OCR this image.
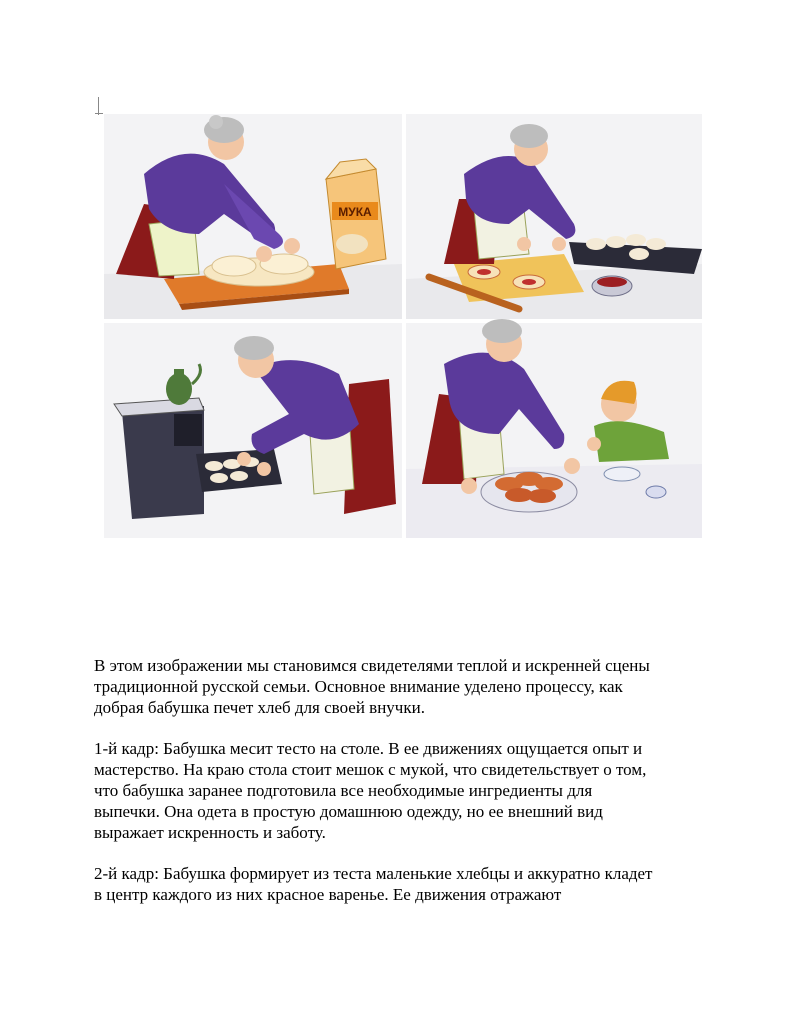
МУКА

В этом изображении мы становимся свидетелями теплой и искренней сцены
традиционной русской семьи. Основное внимание уделено процессу, как
добрая бабушка печет хлеб для своей внучки.

1-й кадр: Бабушка месит тесто на столе. В ее движениях ощущается опыт и
мастерство. На краю стола стоит мешок с мукой, что свидетельствует о том,
что бабушка заранее подготовила все необходимые ингредиенты для
выпечки. Она одета в простую домашнюю одежду, но ее внешний вид
выражает искренность и заботу.

2-й кадр: Бабушка формирует из теста маленькие хлебцы и аккуратно кладет
в центр каждого из них красное варенье. Ее движения отражают
